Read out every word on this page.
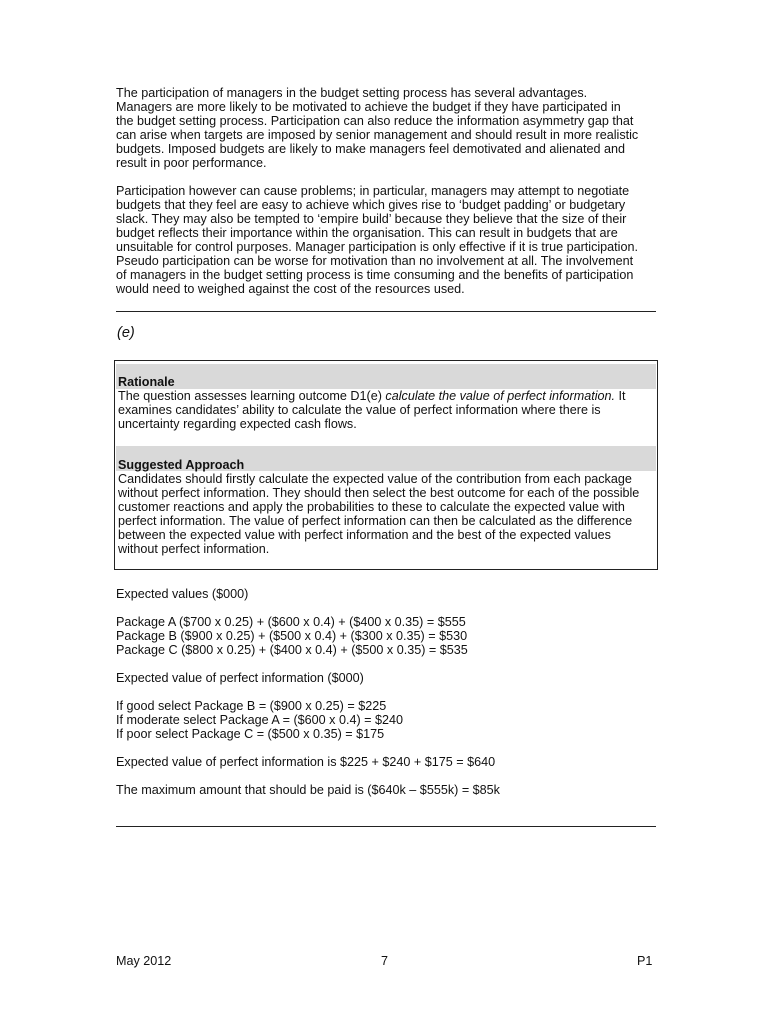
The participation of managers in the budget setting process has several advantages.
Managers are more likely to be motivated to achieve the budget if they have participated in
the budget setting process. Participation can also reduce the information asymmetry gap that
can arise when targets are imposed by senior management and should result in more realistic
budgets. Imposed budgets are likely to make managers feel demotivated and alienated and
result in poor performance.

Participation however can cause problems; in particular, managers may attempt to negotiate
budgets that they feel are easy to achieve which gives rise to ‘budget padding’ or budgetary
slack. They may also be tempted to ‘empire build’ because they believe that the size of their
budget reflects their importance within the organisation. This can result in budgets that are
unsuitable for control purposes. Manager participation is only effective if it is true participation.
Pseudo participation can be worse for motivation than no involvement at all. The involvement
of managers in the budget setting process is time consuming and the benefits of participation
would need to weighed against the cost of the resources used.

(e)
Rationale

The question assesses learning outcome D1(e) calculate the value of perfect information. It
examines candidates’ ability to calculate the value of perfect information where there is
uncertainty regarding expected cash flows.

Suggested Approach

Candidates should firstly calculate the expected value of the contribution from each package
without perfect information. They should then select the best outcome for each of the possible
customer reactions and apply the probabilities to these to calculate the expected value with
perfect information. The value of perfect information can then be calculated as the difference
between the expected value with perfect information and the best of the expected values
without perfect information.

Expected values ($000)
Package A ($700 x 0.25) + ($600 x 0.4) + ($400 x 0.35) = $555
Package B ($900 x 0.25) + ($500 x 0.4) + ($300 x 0.35) = $530
Package C ($800 x 0.25) + ($400 x 0.4) + ($500 x 0.35) = $535
Expected value of perfect information ($000)
If good select Package B = ($900 x 0.25) = $225
If moderate select Package A = ($600 x 0.4) = $240
If poor select Package C = ($500 x 0.35) = $175
Expected value of perfect information is $225 + $240 + $175 = $640
The maximum amount that should be paid is ($640k – $555k) = $85k
May 2012	7	P1
